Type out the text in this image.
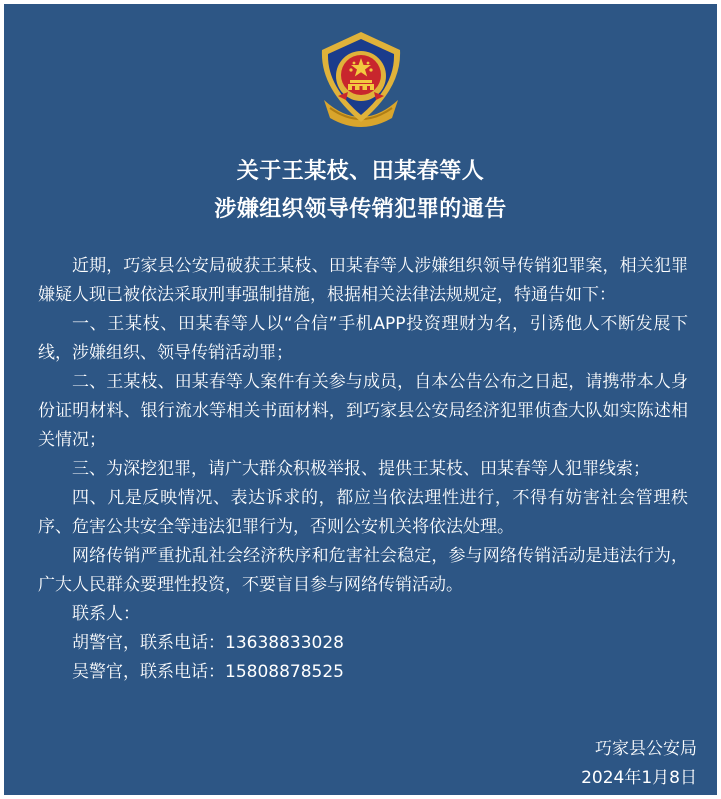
关于王某枝、田某春等人
涉嫌组织领导传销犯罪的通告

近期，巧家县公安局破获王某枝、田某春等人涉嫌组织领导传销犯罪案，相关犯罪嫌疑人现已被依法采取刑事强制措施，根据相关法律法规规定，特通告如下：

一、王某枝、田某春等人以“合信”手机APP投资理财为名，引诱他人不断发展下线，涉嫌组织、领导传销活动罪；

二、王某枝、田某春等人案件有关参与成员，自本公告公布之日起，请携带本人身份证明材料、银行流水等相关书面材料，到巧家县公安局经济犯罪侦查大队如实陈述相关情况；

三、为深挖犯罪，请广大群众积极举报、提供王某枝、田某春等人犯罪线索；

四、凡是反映情况、表达诉求的，都应当依法理性进行，不得有妨害社会管理秩序、危害公共安全等违法犯罪行为，否则公安机关将依法处理。

网络传销严重扰乱社会经济秩序和危害社会稳定，参与网络传销活动是违法行为，广大人民群众要理性投资，不要盲目参与网络传销活动。

联系人：

胡警官，联系电话：13638833028

吴警官，联系电话：15808878525

巧家县公安局
2024年1月8日
